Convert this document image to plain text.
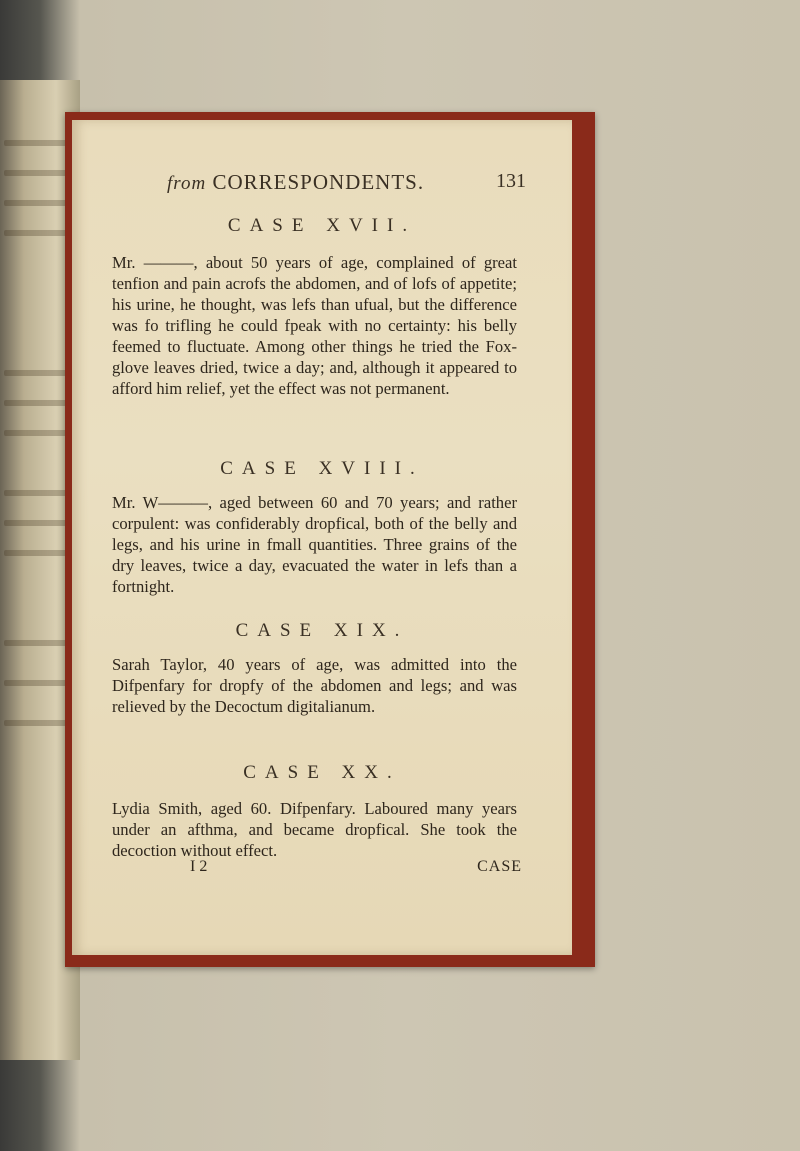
from CORRESPONDENTS.	131
CASE XVII.
Mr. ———, about 50 years of age, complained of great tenfion and pain acrofs the abdomen, and of lofs of appetite; his urine, he thought, was lefs than ufual, but the difference was fo trifling he could fpeak with no certainty: his belly feemed to fluctuate. Among other things he tried the Fox-glove leaves dried, twice a day; and, although it appeared to afford him relief, yet the effect was not permanent.
CASE XVIII.
Mr. W———, aged between 60 and 70 years; and rather corpulent: was confiderably dropfical, both of the belly and legs, and his urine in fmall quantities. Three grains of the dry leaves, twice a day, evacuated the water in lefs than a fortnight.
CASE XIX.
Sarah Taylor, 40 years of age, was admitted into the Difpenfary for dropfy of the abdomen and legs; and was relieved by the Decoctum digitalianum.
CASE XX.
Lydia Smith, aged 60. Difpenfary. Laboured many years under an afthma, and became dropfical. She took the decoction without effect.
I 2	CASE
